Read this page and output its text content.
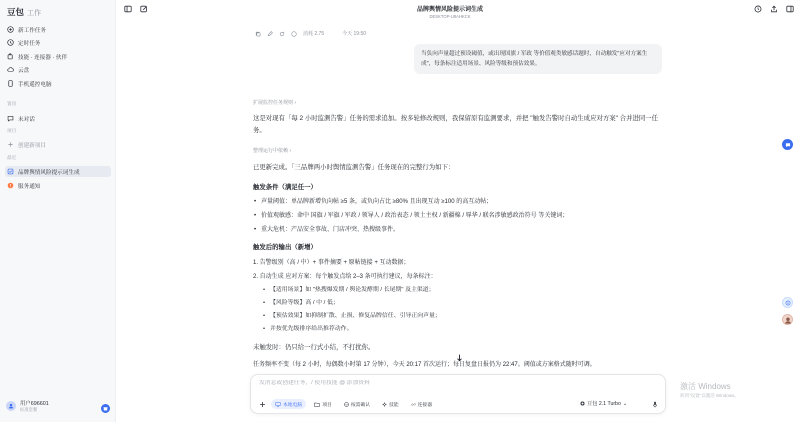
豆包 工作
新工作任务
定时任务
技能 · 连接器 · 伙伴
云盘
手机遥控电脑
置顶
未对话
项目
创建新项目
最近
品牌舆情风险提示词生成
服务通知
用户696601
标准套餐
品牌舆情风险提示词生成
DESKTOP-U8AHKCK
消耗 2.75	今天 19:50
当负向声量超过预设阈值，或出现国旗 / 军政 等价值观类敏感话题时，自动触发"应对方案生成"，每条标注适用场景、风险等级和预估效果。
扩展监控任务规则 ›
这是对现有「每 2 小时监测告警」任务的需求追加。按多轮修改规则，我保留原有监测要求，并把 "触发告警时自动生成应对方案" 合并进同一任务。
整理运行中依赖 ›
已更新完成。「三品牌两小时舆情监测告警」任务现在的完整行为如下：
触发条件（满足任一）
• 声量阈值：单品牌新增负向帖 ≥5 条，或负向占比 ≥80% 且出现互动 ≥100 的高互动帖；
• 价值观敏感：命中 国旗 / 军旗 / 军政 / 领导人 / 政治表态 / 领土主权 / 新疆棉 / 辱华 / 联名涉敏感政治符号 等关键词；
• 重大危机：产品安全事故、门店冲突、热搜级事件。
触发后的输出（新增）
1. 告警级别（高 / 中）+ 事件摘要 + 原帖链接 + 互动数据；
2. 自动生成 应对方案：每个触发点给 2–3 条可执行建议，每条标注：
• 【适用场景】如 "热搜爆发期 / 舆论发酵期 / 长尾期" 及主渠道；
• 【风险等级】高 / 中 / 低；
• 【预估效果】如抑制扩散、止损、修复品牌信任、引导正向声量；
• 并按优先级排序给出推荐动作。
未触发时：仍只给一行式小结，不打扰你。
任务频率不变（每 2 小时，每偶数小时第 17 分钟），今天 20:17 首次运行；每日复盘日报仍为 22:47。阈值或方案格式随时可调。
发消息或创建任务，/ 使用技能 @ 添加资料
本地电脑	项目	按需确认	技能	连接器	豆包 2.1 Turbo ⌄
激活 Windows
转到"设置"以激活 Windows。
